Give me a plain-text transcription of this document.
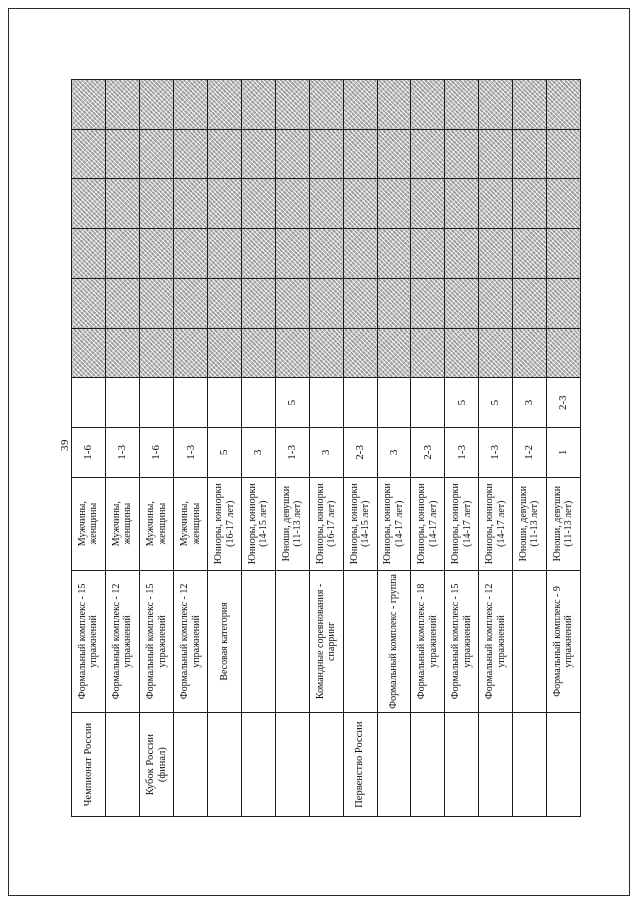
39
Чемпионат России	Формальный комплекс - 15 упражнений	Мужчины, женщины	1-6							
	Формальный комплекс - 12 упражнений	Мужчины, женщины	1-3							
Кубок России (финал)	Формальный комплекс - 15 упражнений	Мужчины, женщины	1-6							
	Формальный комплекс - 12 упражнений	Мужчины, женщины	1-3							
	Весовая категория	Юниоры, юниорки (16-17 лет)	5							
		Юниоры, юниорки (14-15 лет)	3							
		Юноши, девушки (11-13 лет)	1-3	5						
	Командные соревнования - спарринг	Юниоры, юниорки (16-17 лет)	3							
Первенство России		Юниоры, юниорки (14-15 лет)	2-3							
	Формальный комплекс - группа	Юниоры, юниорки (14-17 лет)	3							
	Формальный комплекс - 18 упражнений	Юниоры, юниорки (14-17 лет)	2-3							
	Формальный комплекс - 15 упражнений	Юниоры, юниорки (14-17 лет)	1-3	5						
	Формальный комплекс - 12 упражнений	Юниоры, юниорки (14-17 лет)	1-3	5						
		Юноши, девушки (11-13 лет)	1-2	3						
	Формальный комплекс - 9 упражнений	Юноши, девушки (11-13 лет)	1	2-3						
